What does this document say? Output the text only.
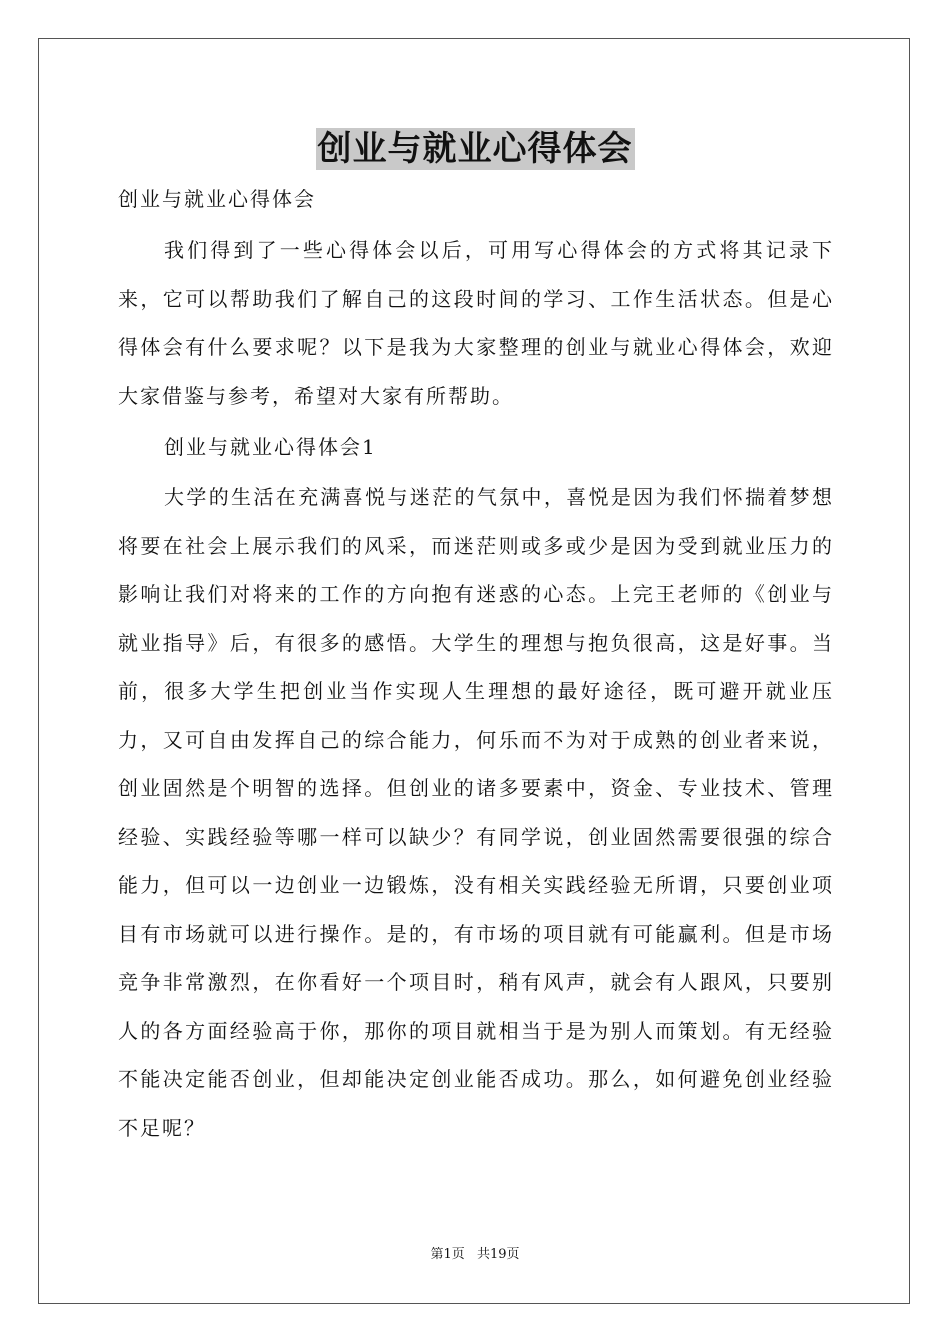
创业与就业心得体会
创业与就业心得体会

我们得到了一些心得体会以后，可用写心得体会的方式将其记录下来，它可以帮助我们了解自己的这段时间的学习、工作生活状态。但是心得体会有什么要求呢？以下是我为大家整理的创业与就业心得体会，欢迎大家借鉴与参考，希望对大家有所帮助。

创业与就业心得体会1

大学的生活在充满喜悦与迷茫的气氛中，喜悦是因为我们怀揣着梦想将要在社会上展示我们的风采，而迷茫则或多或少是因为受到就业压力的影响让我们对将来的工作的方向抱有迷惑的心态。上完王老师的《创业与就业指导》后，有很多的感悟。大学生的理想与抱负很高，这是好事。当前，很多大学生把创业当作实现人生理想的最好途径，既可避开就业压力，又可自由发挥自己的综合能力，何乐而不为对于成熟的创业者来说，创业固然是个明智的选择。但创业的诸多要素中，资金、专业技术、管理经验、实践经验等哪一样可以缺少？有同学说，创业固然需要很强的综合能力，但可以一边创业一边锻炼，没有相关实践经验无所谓，只要创业项目有市场就可以进行操作。是的，有市场的项目就有可能赢利。但是市场竞争非常激烈，在你看好一个项目时，稍有风声，就会有人跟风，只要别人的各方面经验高于你，那你的项目就相当于是为别人而策划。有无经验不能决定能否创业，但却能决定创业能否成功。那么，如何避免创业经验不足呢？

第1页 共19页
